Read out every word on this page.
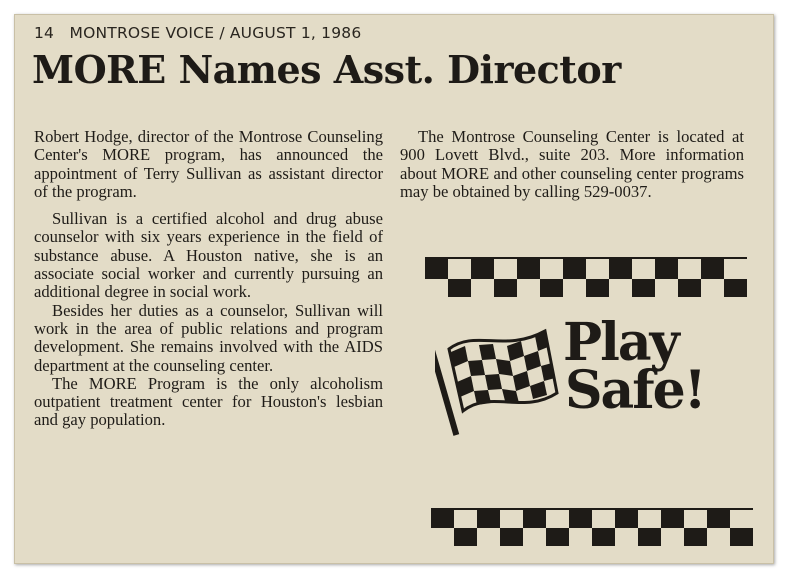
14 MONTROSE VOICE / AUGUST 1, 1986
MORE Names Asst. Director

Robert Hodge, director of the Montrose Counseling Center's MORE program, has announced the appointment of Terry Sullivan as assistant director of the program.

Sullivan is a certified alcohol and drug abuse counselor with six years experience in the field of substance abuse. A Houston native, she is an associate social worker and currently pursuing an additional degree in social work.

Besides her duties as a counselor, Sullivan will work in the area of public relations and program development. She remains involved with the AIDS department at the counseling center.

The MORE Program is the only alcoholism outpatient treatment center for Houston's lesbian and gay population.

The Montrose Counseling Center is located at 900 Lovett Blvd., suite 203. More information about MORE and other counseling center programs may be obtained by calling 529-0037.

Play
Safe!
